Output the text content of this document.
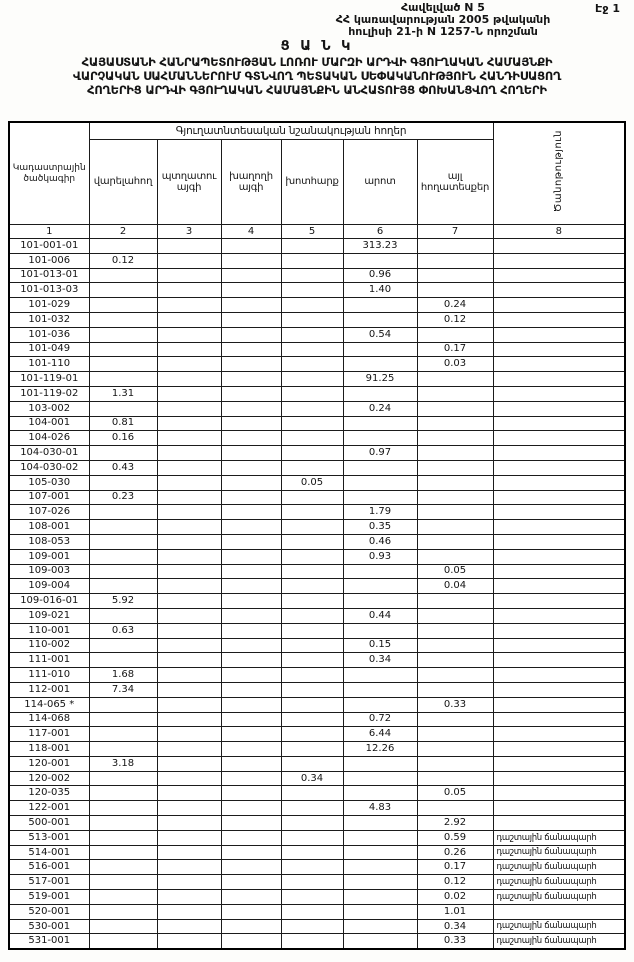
Էջ 1
Հավելված N 5
ՀՀ կառավարության 2005 թվականի
հուլիսի 21-ի N 1257-Ն որոշման
Ց Ա Ն Կ
ՀԱՅԱՍՏԱՆԻ ՀԱՆՐԱՊԵՏՈՒԹՅԱՆ ԼՈՌՈՒ ՄԱՐԶԻ ԱՐԴՎԻ ԳՅՈՒՂԱԿԱՆ ՀԱՄԱՅՆՔԻ
ՎԱՐՉԱԿԱՆ ՍԱՀՄԱՆՆԵՐՈՒՄ ԳՏՆՎՈՂ ՊԵՏԱԿԱՆ ՍԵՓԱԿԱՆՈՒԹՅՈՒՆ ՀԱՆԴԻՍԱՑՈՂ
ՀՈՂԵՐԻՑ ԱՐԴՎԻ ԳՅՈՒՂԱԿԱՆ ՀԱՄԱՅՆՔԻՆ ԱՆՀԱՏՈՒՅՑ ՓՈԽԱՆՑՎՈՂ ՀՈՂԵՐԻ
Կադաստրային ծածկագիր	Գյուղատնտեսական նշանակության հողեր						Ծանոթություն
	վարելահող	պտղատու այգի	խաղողի այգի	խոտհարք	արոտ	այլ հողատեսքեր	
1	2	3	4	5	6	7	8
101-001-01					313.23		
101-006	0.12						
101-013-01					0.96		
101-013-03					1.40		
101-029						0.24	
101-032						0.12	
101-036					0.54		
101-049						0.17	
101-110						0.03	
101-119-01					91.25		
101-119-02	1.31						
103-002					0.24		
104-001	0.81						
104-026	0.16						
104-030-01					0.97		
104-030-02	0.43						
105-030				0.05			
107-001	0.23						
107-026					1.79		
108-001					0.35		
108-053					0.46		
109-001					0.93		
109-003						0.05	
109-004						0.04	
109-016-01	5.92						
109-021					0.44		
110-001	0.63						
110-002					0.15		
111-001					0.34		
111-010	1.68						
112-001	7.34						
114-065 *						0.33	
114-068					0.72		
117-001					6.44		
118-001					12.26		
120-001	3.18						
120-002				0.34			
120-035						0.05	
122-001					4.83		
500-001						2.92	
513-001						0.59	դաշտային ճանապարհ
514-001						0.26	դաշտային ճանապարհ
516-001						0.17	դաշտային ճանապարհ
517-001						0.12	դաշտային ճանապարհ
519-001						0.02	դաշտային ճանապարհ
520-001						1.01	
530-001						0.34	դաշտային ճանապարհ
531-001						0.33	դաշտային ճանապարհ
